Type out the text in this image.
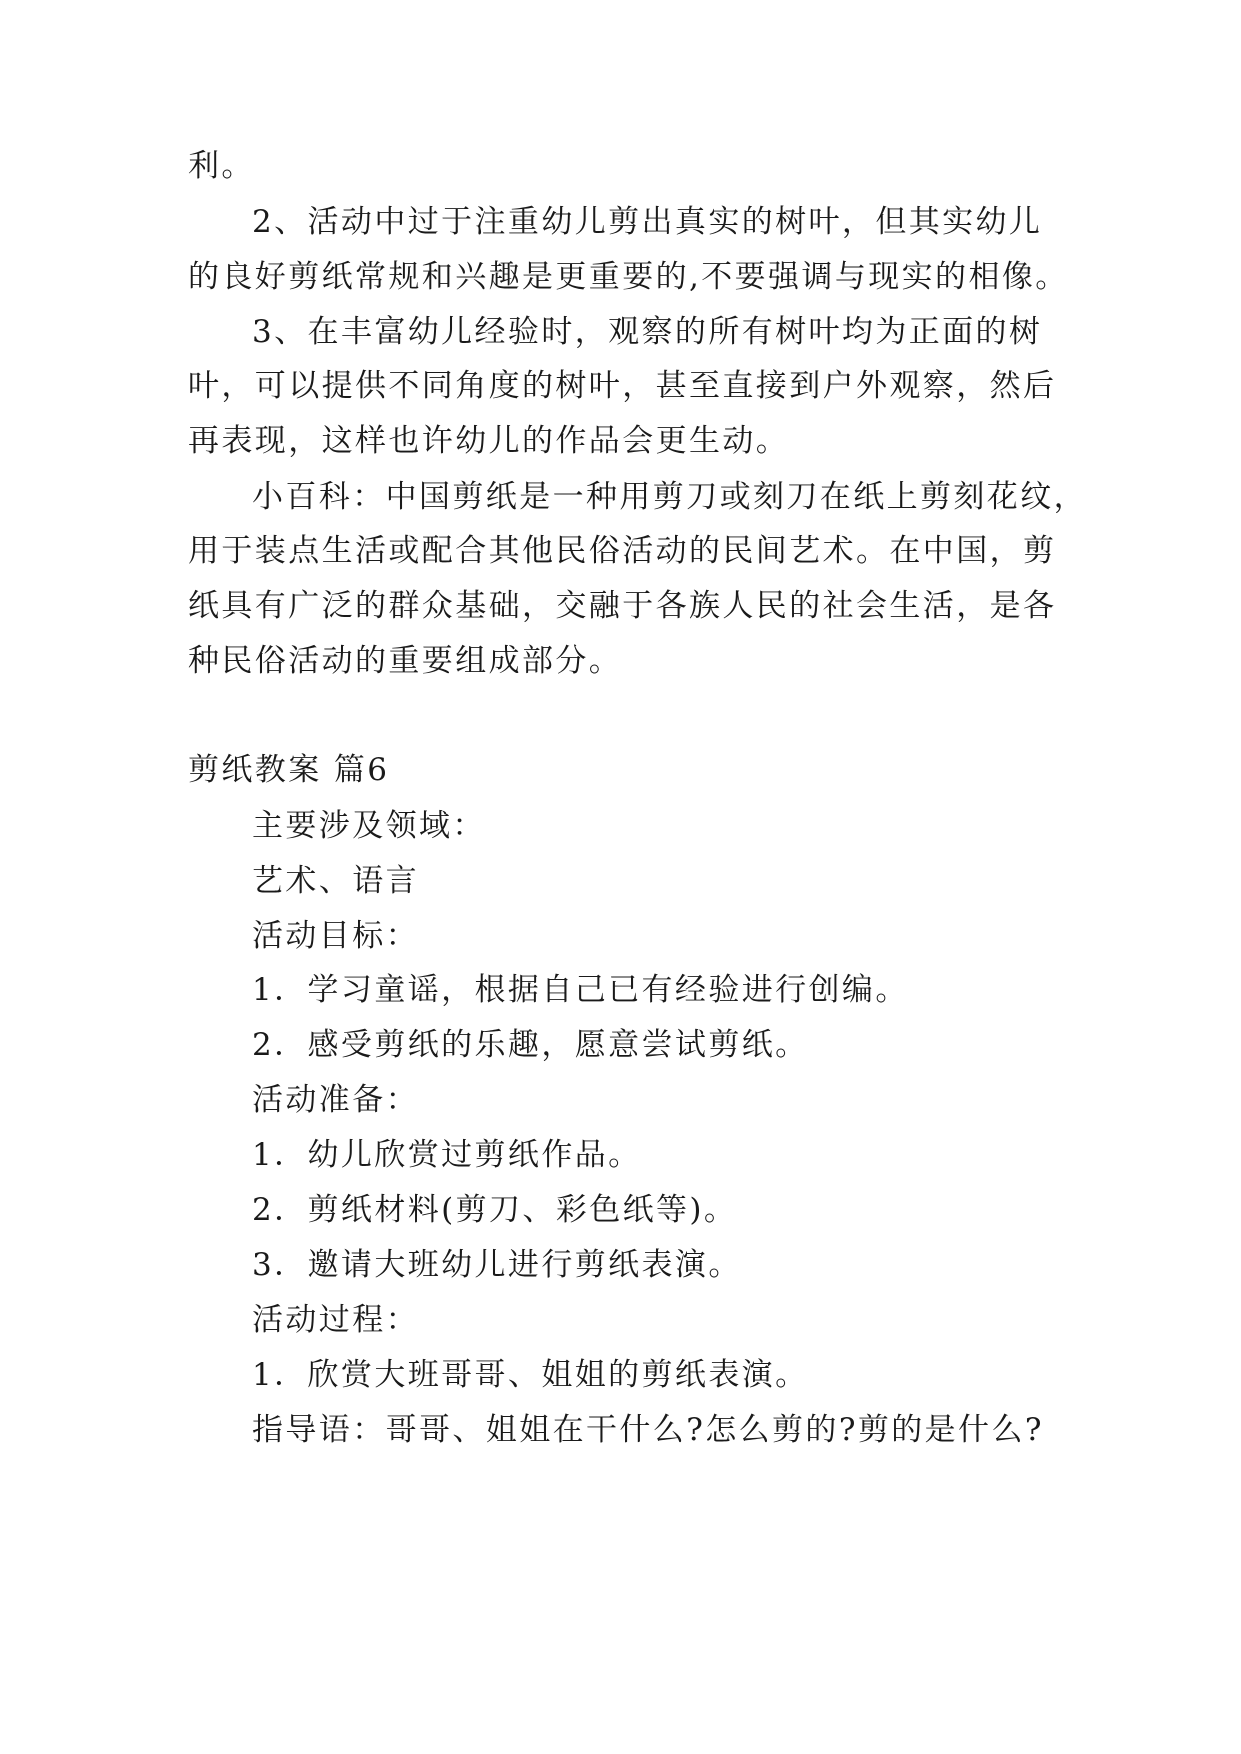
利。
2、活动中过于注重幼儿剪出真实的树叶，但其实幼儿
的良好剪纸常规和兴趣是更重要的,不要强调与现实的相像。
3、在丰富幼儿经验时，观察的所有树叶均为正面的树
叶，可以提供不同角度的树叶，甚至直接到户外观察，然后
再表现，这样也许幼儿的作品会更生动。
小百科：中国剪纸是一种用剪刀或刻刀在纸上剪刻花纹，
用于装点生活或配合其他民俗活动的民间艺术。在中国，剪
纸具有广泛的群众基础，交融于各族人民的社会生活，是各
种民俗活动的重要组成部分。
剪纸教案 篇6
主要涉及领域：
艺术、语言
活动目标：
1．学习童谣，根据自己已有经验进行创编。
2．感受剪纸的乐趣，愿意尝试剪纸。
活动准备：
1．幼儿欣赏过剪纸作品。
2．剪纸材料(剪刀、彩色纸等)。
3．邀请大班幼儿进行剪纸表演。
活动过程：
1．欣赏大班哥哥、姐姐的剪纸表演。
指导语：哥哥、姐姐在干什么?怎么剪的?剪的是什么?
